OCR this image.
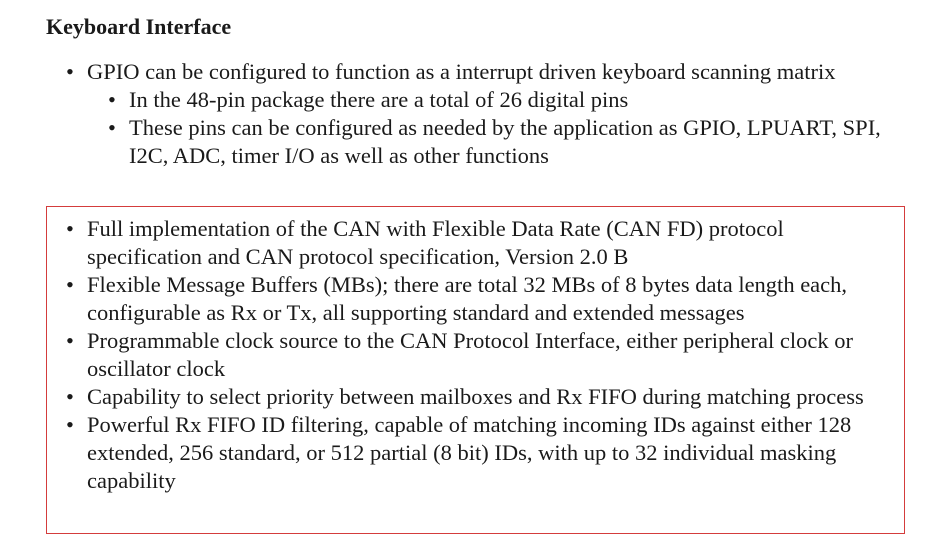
Keyboard Interface
• GPIO can be configured to function as a interrupt driven keyboard scanning matrix
• In the 48-pin package there are a total of 26 digital pins
• These pins can be configured as needed by the application as GPIO, LPUART, SPI, I2C, ADC, timer I/O as well as other functions
• Full implementation of the CAN with Flexible Data Rate (CAN FD) protocol specification and CAN protocol specification, Version 2.0 B
• Flexible Message Buffers (MBs); there are total 32 MBs of 8 bytes data length each, configurable as Rx or Tx, all supporting standard and extended messages
• Programmable clock source to the CAN Protocol Interface, either peripheral clock or oscillator clock
• Capability to select priority between mailboxes and Rx FIFO during matching process
• Powerful Rx FIFO ID filtering, capable of matching incoming IDs against either 128 extended, 256 standard, or 512 partial (8 bit) IDs, with up to 32 individual masking capability
